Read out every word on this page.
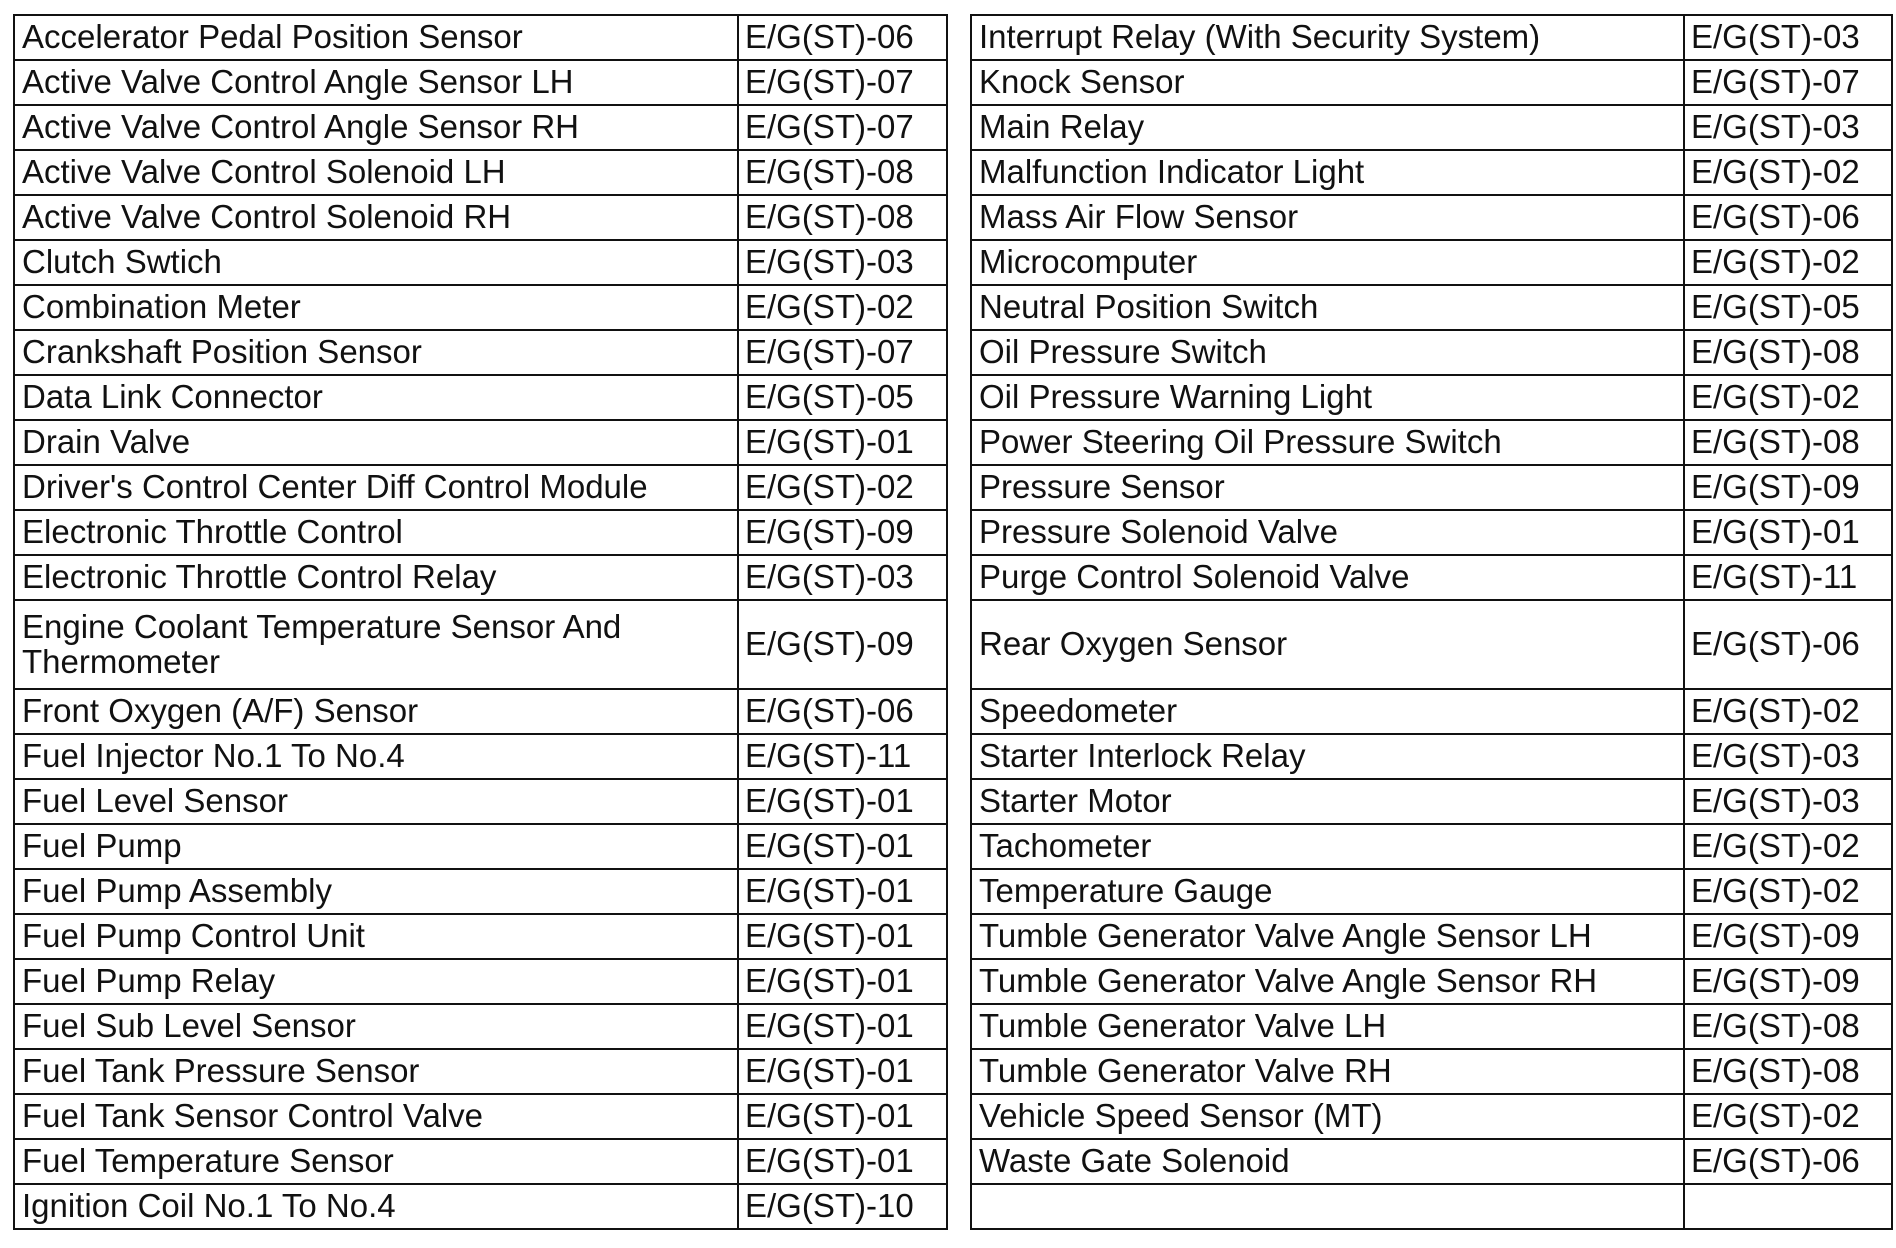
Accelerator Pedal Position Sensor	E/G(ST)-06
Active Valve Control Angle Sensor LH	E/G(ST)-07
Active Valve Control Angle Sensor RH	E/G(ST)-07
Active Valve Control Solenoid LH	E/G(ST)-08
Active Valve Control Solenoid RH	E/G(ST)-08
Clutch Swtich	E/G(ST)-03
Combination Meter	E/G(ST)-02
Crankshaft Position Sensor	E/G(ST)-07
Data Link Connector	E/G(ST)-05
Drain Valve	E/G(ST)-01
Driver's Control Center Diff Control Module	E/G(ST)-02
Electronic Throttle Control	E/G(ST)-09
Electronic Throttle Control Relay	E/G(ST)-03
Engine Coolant Temperature Sensor And Thermometer	E/G(ST)-09
Front Oxygen (A/F) Sensor	E/G(ST)-06
Fuel Injector No.1 To No.4	E/G(ST)-11
Fuel Level Sensor	E/G(ST)-01
Fuel Pump	E/G(ST)-01
Fuel Pump Assembly	E/G(ST)-01
Fuel Pump Control Unit	E/G(ST)-01
Fuel Pump Relay	E/G(ST)-01
Fuel Sub Level Sensor	E/G(ST)-01
Fuel Tank Pressure Sensor	E/G(ST)-01
Fuel Tank Sensor Control Valve	E/G(ST)-01
Fuel Temperature Sensor	E/G(ST)-01
Ignition Coil No.1 To No.4	E/G(ST)-10
Interrupt Relay (With Security System)	E/G(ST)-03
Knock Sensor	E/G(ST)-07
Main Relay	E/G(ST)-03
Malfunction Indicator Light	E/G(ST)-02
Mass Air Flow Sensor	E/G(ST)-06
Microcomputer	E/G(ST)-02
Neutral Position Switch	E/G(ST)-05
Oil Pressure Switch	E/G(ST)-08
Oil Pressure Warning Light	E/G(ST)-02
Power Steering Oil Pressure Switch	E/G(ST)-08
Pressure Sensor	E/G(ST)-09
Pressure Solenoid Valve	E/G(ST)-01
Purge Control Solenoid Valve	E/G(ST)-11
Rear Oxygen Sensor	E/G(ST)-06
Speedometer	E/G(ST)-02
Starter Interlock Relay	E/G(ST)-03
Starter Motor	E/G(ST)-03
Tachometer	E/G(ST)-02
Temperature Gauge	E/G(ST)-02
Tumble Generator Valve Angle Sensor LH	E/G(ST)-09
Tumble Generator Valve Angle Sensor RH	E/G(ST)-09
Tumble Generator Valve LH	E/G(ST)-08
Tumble Generator Valve RH	E/G(ST)-08
Vehicle Speed Sensor (MT)	E/G(ST)-02
Waste Gate Solenoid	E/G(ST)-06
